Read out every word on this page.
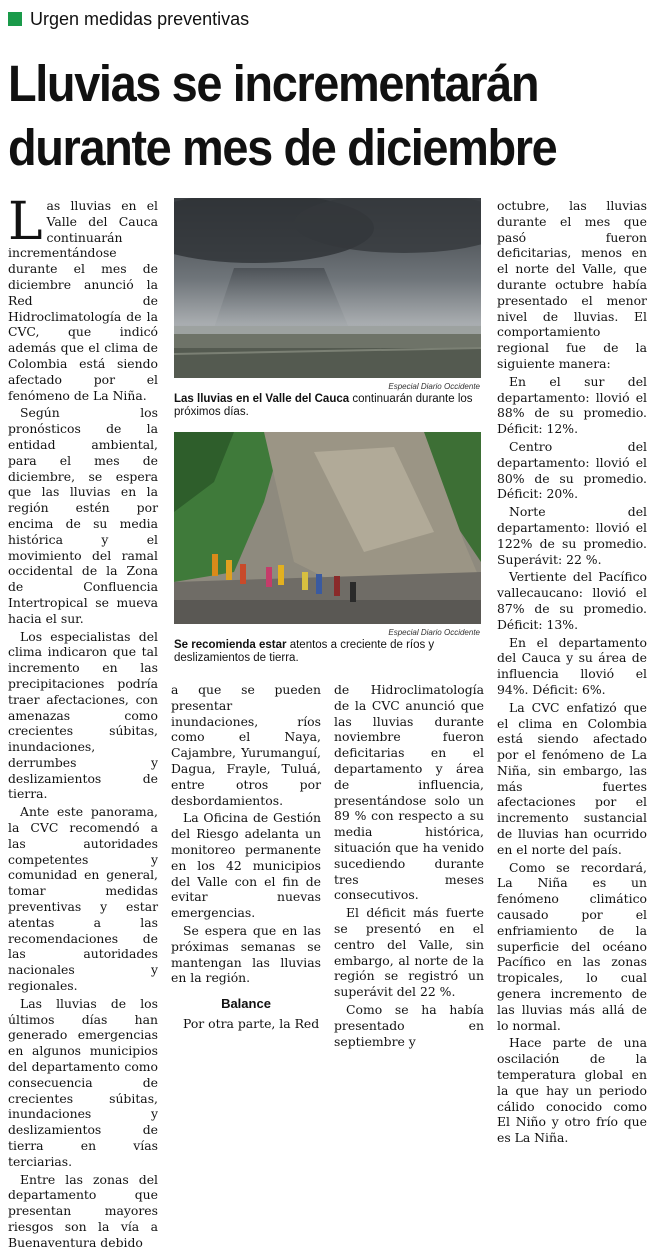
Urgen medidas preventivas
Lluvias se incrementarán
durante mes de diciembre

Las lluvias en el Valle del Cauca continuarán incrementándose durante el mes de diciembre anunció la Red de Hidroclimatología de la CVC, que indicó además que el clima de Colombia está siendo afectado por el fenómeno de La Niña.

Según los pronósticos de la entidad ambiental, para el mes de diciembre, se espera que las lluvias en la región estén por encima de su media histórica y el movimiento del ramal occidental de la Zona de Confluencia Intertropical se mueva hacia el sur.

Los especialistas del clima indicaron que tal incremento en las precipitaciones podría traer afectaciones, con amenazas como crecientes súbitas, inundaciones, derrumbes y deslizamientos de tierra.

Ante este panorama, la CVC recomendó a las autoridades competentes y comunidad en general, tomar medidas preventivas y estar atentas a las recomendaciones de las autoridades nacionales y regionales.

Las lluvias de los últimos días han generado emergencias en algunos municipios del departamento como consecuencia de crecientes súbitas, inundaciones y deslizamientos de tierra en vías terciarias.

Entre las zonas del departamento que presentan mayores riesgos son la vía a Buenaventura debido

Especial Diario Occidente
Las lluvias en el Valle del Cauca continuarán durante los próximos días.
Especial Diario Occidente
Se recomienda estar atentos a creciente de ríos y deslizamientos de tierra.

a que se pueden presentar inundaciones, ríos como el Naya, Cajambre, Yurumanguí, Dagua, Frayle, Tuluá, entre otros por desbordamientos.

La Oficina de Gestión del Riesgo adelanta un monitoreo permanente en los 42 municipios del Valle con el fin de evitar nuevas emergencias.

Se espera que en las próximas semanas se mantengan las lluvias en la región.

Balance

Por otra parte, la Red

de Hidroclimatología de la CVC anunció que las lluvias durante noviembre fueron deficitarias en el departamento y área de influencia, presentándose solo un 89 % con respecto a su media histórica, situación que ha venido sucediendo durante tres meses consecutivos.

El déficit más fuerte se presentó en el centro del Valle, sin embargo, al norte de la región se registró un superávit del 22 %.

Como se ha había presentado en septiembre y

octubre, las lluvias durante el mes que pasó fueron deficitarias, menos en el norte del Valle, que durante octubre había presentado el menor nivel de lluvias. El comportamiento regional fue de la siguiente manera:

En el sur del departamento: llovió el 88% de su promedio. Déficit: 12%.

Centro del departamento: llovió el 80% de su promedio. Déficit: 20%.

Norte del departamento: llovió el 122% de su promedio. Superávit: 22 %.

Vertiente del Pacífico vallecaucano: llovió el 87% de su promedio. Déficit: 13%.

En el departamento del Cauca y su área de influencia llovió el 94%. Déficit: 6%.

La CVC enfatizó que el clima en Colombia está siendo afectado por el fenómeno de La Niña, sin embargo, las más fuertes afectaciones por el incremento sustancial de lluvias han ocurrido en el norte del país.

Como se recordará, La Niña es un fenómeno climático causado por el enfriamiento de la superficie del océano Pacífico en las zonas tropicales, lo cual genera incremento de las lluvias más allá de lo normal.

Hace parte de una oscilación de la temperatura global en la que hay un periodo cálido conocido como El Niño y otro frío que es La Niña.
